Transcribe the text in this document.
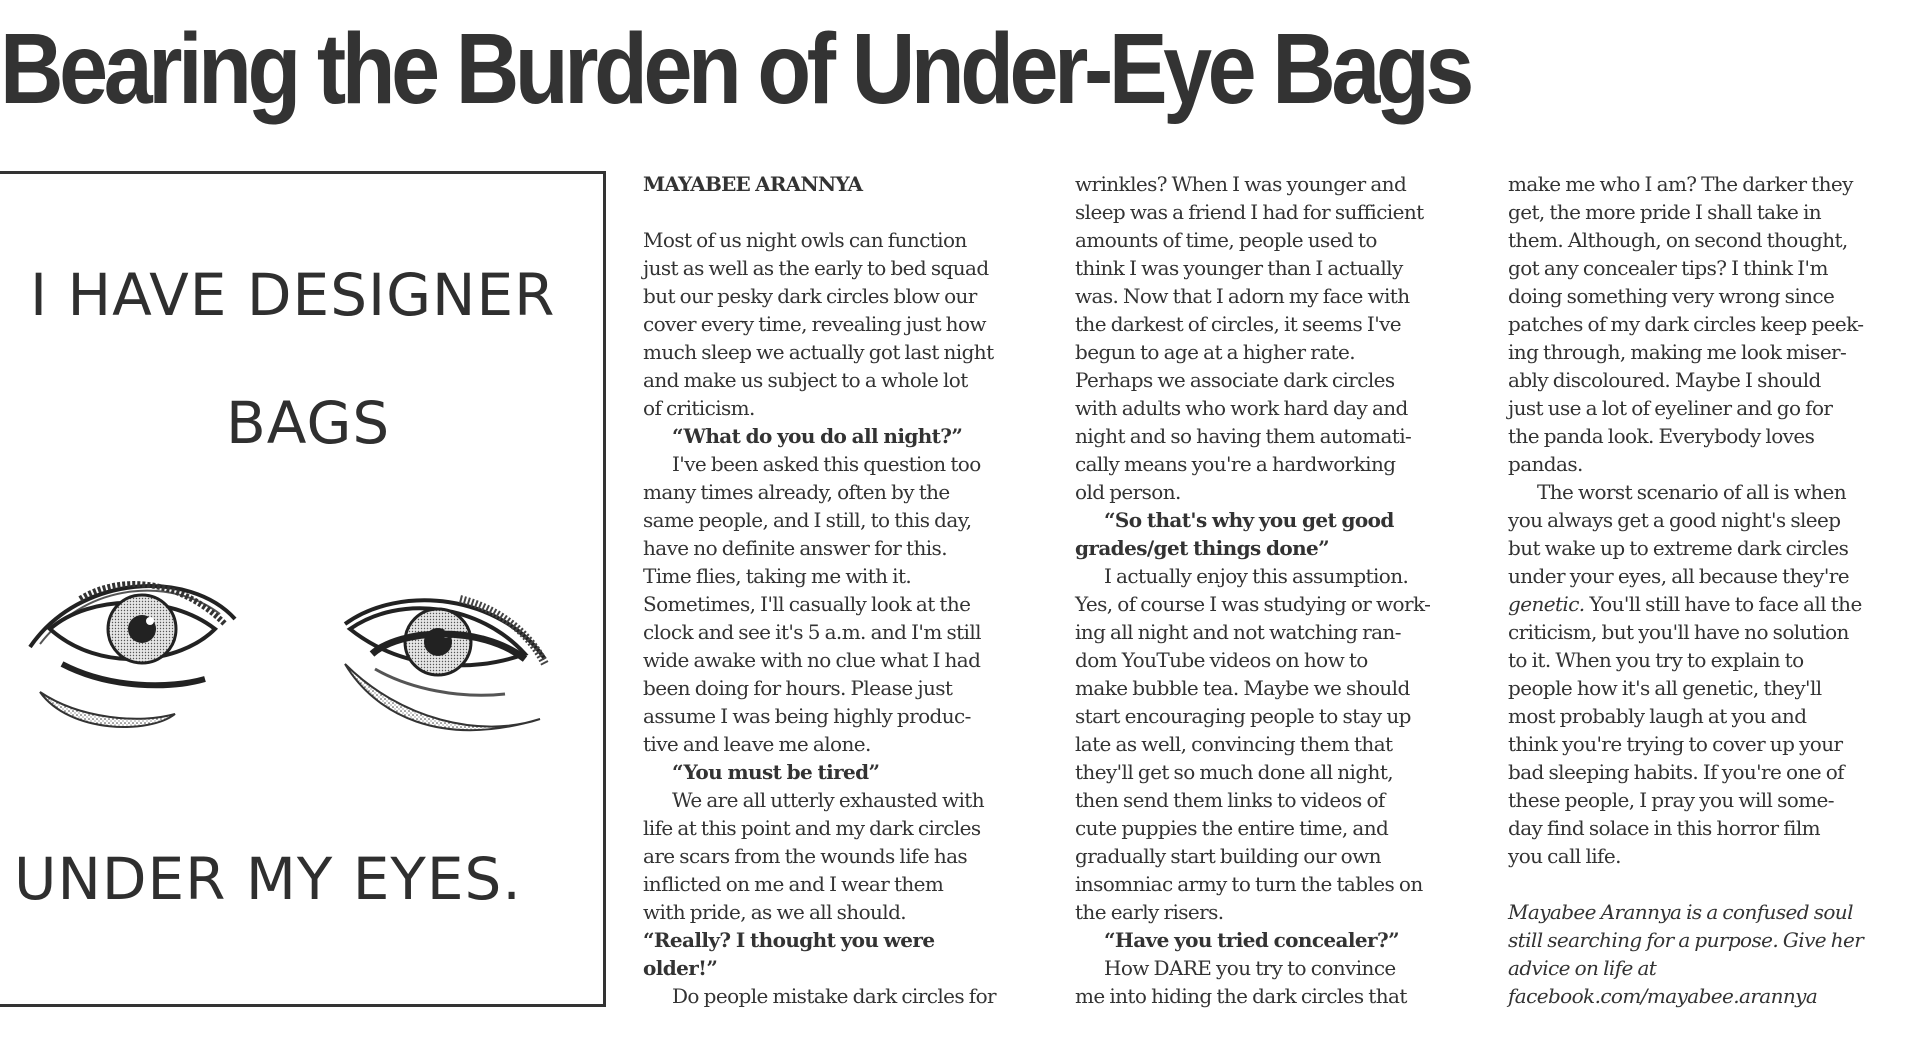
Bearing the Burden of Under-Eye Bags
I HAVE DESIGNER
BAGS
UNDER MY EYES.

MAYABEE ARANNYA

Most of us night owls can function
just as well as the early to bed squad
but our pesky dark circles blow our
cover every time, revealing just how
much sleep we actually got last night
and make us subject to a whole lot
of criticism.

“What do you do all night?”

I've been asked this question too
many times already, often by the
same people, and I still, to this day,
have no definite answer for this.
Time flies, taking me with it.
Sometimes, I'll casually look at the
clock and see it's 5 a.m. and I'm still
wide awake with no clue what I had
been doing for hours. Please just
assume I was being highly produc-
tive and leave me alone.

“You must be tired”

We are all utterly exhausted with
life at this point and my dark circles
are scars from the wounds life has
inflicted on me and I wear them
with pride, as we all should.

“Really? I thought you were
older!”

Do people mistake dark circles for

wrinkles? When I was younger and
sleep was a friend I had for sufficient
amounts of time, people used to
think I was younger than I actually
was. Now that I adorn my face with
the darkest of circles, it seems I've
begun to age at a higher rate.
Perhaps we associate dark circles
with adults who work hard day and
night and so having them automati-
cally means you're a hardworking
old person.

“So that's why you get good
grades/get things done”

I actually enjoy this assumption.
Yes, of course I was studying or work-
ing all night and not watching ran-
dom YouTube videos on how to
make bubble tea. Maybe we should
start encouraging people to stay up
late as well, convincing them that
they'll get so much done all night,
then send them links to videos of
cute puppies the entire time, and
gradually start building our own
insomniac army to turn the tables on
the early risers.

“Have you tried concealer?”

How DARE you try to convince
me into hiding the dark circles that

make me who I am? The darker they
get, the more pride I shall take in
them. Although, on second thought,
got any concealer tips? I think I'm
doing something very wrong since
patches of my dark circles keep peek-
ing through, making me look miser-
ably discoloured. Maybe I should
just use a lot of eyeliner and go for
the panda look. Everybody loves
pandas.

The worst scenario of all is when
you always get a good night's sleep
but wake up to extreme dark circles
under your eyes, all because they're
genetic. You'll still have to face all the
criticism, but you'll have no solution
to it. When you try to explain to
people how it's all genetic, they'll
most probably laugh at you and
think you're trying to cover up your
bad sleeping habits. If you're one of
these people, I pray you will some-
day find solace in this horror film
you call life.

Mayabee Arannya is a confused soul
still searching for a purpose. Give her
advice on life at
facebook.com/mayabee.arannya
